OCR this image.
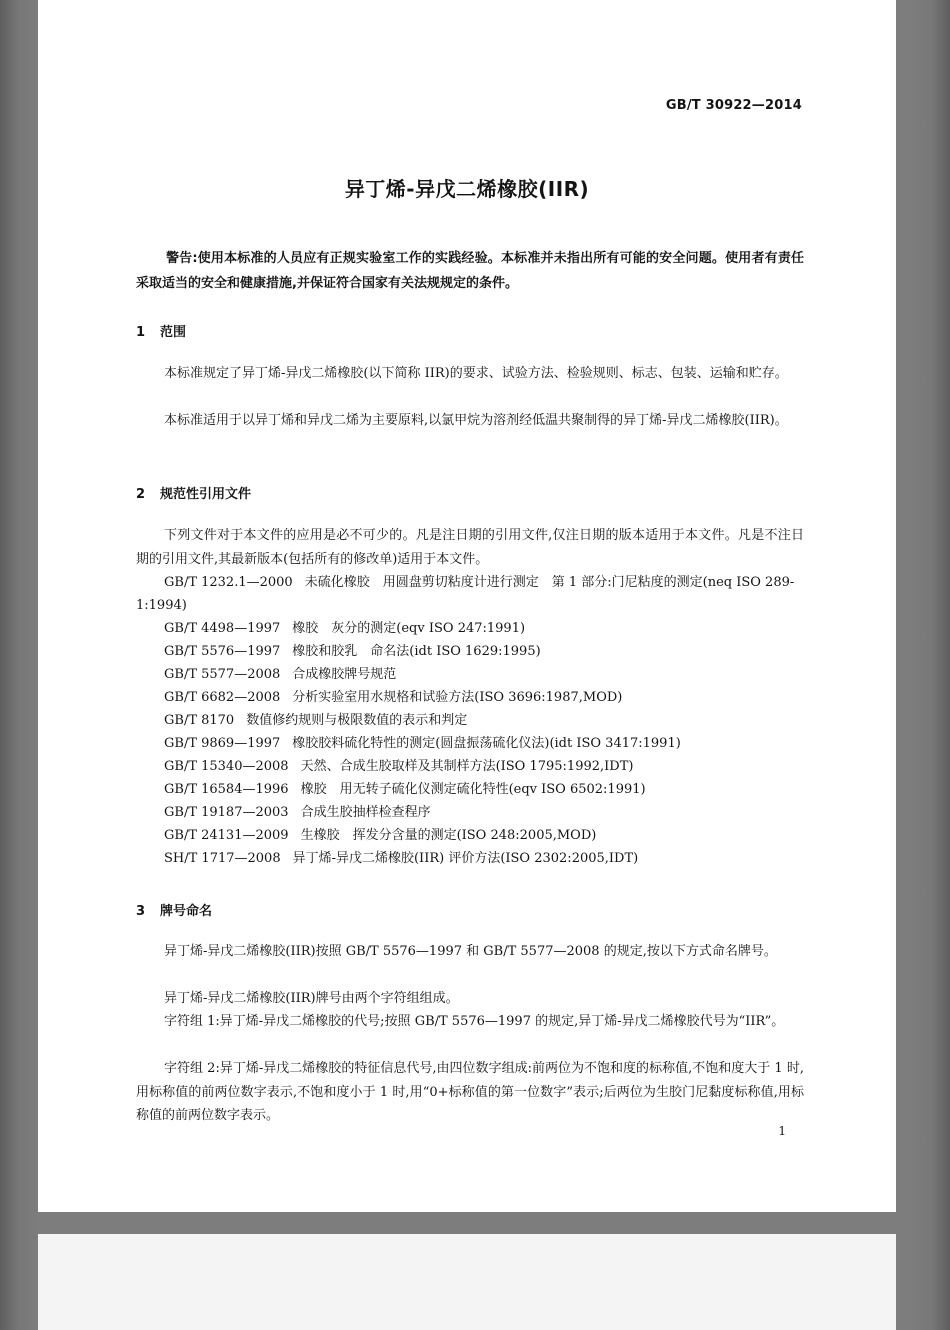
GB/T 30922—2014
异丁烯-异戊二烯橡胶(IIR)

警告:使用本标准的人员应有正规实验室工作的实践经验。本标准并未指出所有可能的安全问题。使用者有责任采取适当的安全和健康措施,并保证符合国家有关法规规定的条件。

1 范围

本标准规定了异丁烯-异戊二烯橡胶(以下简称 IIR)的要求、试验方法、检验规则、标志、包装、运输和贮存。

本标准适用于以异丁烯和异戊二烯为主要原料,以氯甲烷为溶剂经低温共聚制得的异丁烯-异戊二烯橡胶(IIR)。

2 规范性引用文件

下列文件对于本文件的应用是必不可少的。凡是注日期的引用文件,仅注日期的版本适用于本文件。凡是不注日期的引用文件,其最新版本(包括所有的修改单)适用于本文件。

GB/T 1232.1—2000 未硫化橡胶　用圆盘剪切粘度计进行测定　第 1 部分:门尼粘度的测定(neq ISO 289-1:1994)
GB/T 4498—1997 橡胶　灰分的测定(eqv ISO 247:1991)
GB/T 5576—1997 橡胶和胶乳　命名法(idt ISO 1629:1995)
GB/T 5577—2008 合成橡胶牌号规范
GB/T 6682—2008 分析实验室用水规格和试验方法(ISO 3696:1987,MOD)
GB/T 8170 数值修约规则与极限数值的表示和判定
GB/T 9869—1997 橡胶胶料硫化特性的测定(圆盘振荡硫化仪法)(idt ISO 3417:1991)
GB/T 15340—2008 天然、合成生胶取样及其制样方法(ISO 1795:1992,IDT)
GB/T 16584—1996 橡胶　用无转子硫化仪测定硫化特性(eqv ISO 6502:1991)
GB/T 19187—2003 合成生胶抽样检查程序
GB/T 24131—2009 生橡胶　挥发分含量的测定(ISO 248:2005,MOD)
SH/T 1717—2008 异丁烯-异戊二烯橡胶(IIR) 评价方法(ISO 2302:2005,IDT)

3 牌号命名

异丁烯-异戊二烯橡胶(IIR)按照 GB/T 5576—1997 和 GB/T 5577—2008 的规定,按以下方式命名牌号。

异丁烯-异戊二烯橡胶(IIR)牌号由两个字符组组成。

字符组 1:异丁烯-异戊二烯橡胶的代号;按照 GB/T 5576—1997 的规定,异丁烯-异戊二烯橡胶代号为“IIR”。

字符组 2:异丁烯-异戊二烯橡胶的特征信息代号,由四位数字组成:前两位为不饱和度的标称值,不饱和度大于 1 时,用标称值的前两位数字表示,不饱和度小于 1 时,用“0+标称值的第一位数字”表示;后两位为生胶门尼黏度标称值,用标称值的前两位数字表示。

1
